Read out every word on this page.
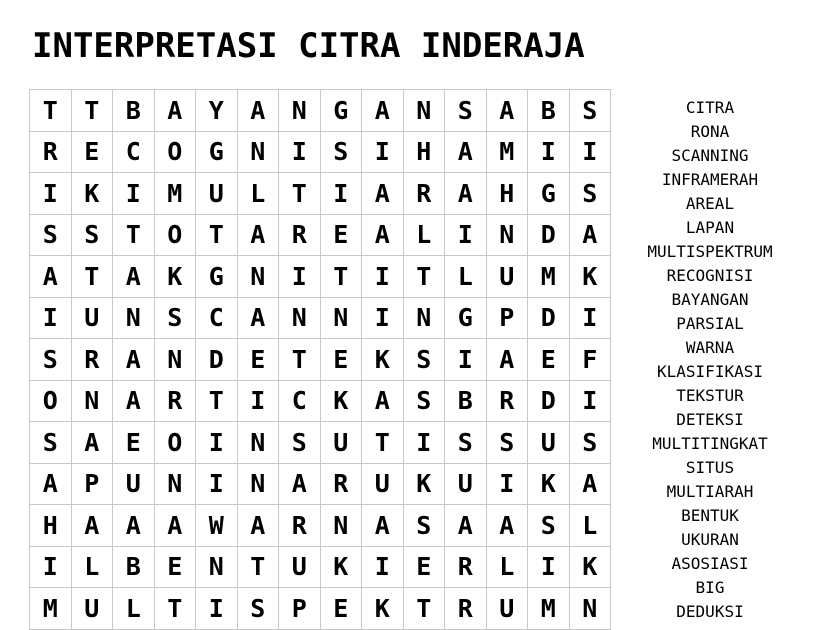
INTERPRETASI CITRA INDERAJA
T	T	B	A	Y	A	N	G	A	N	S	A	B	S
R	E	C	O	G	N	I	S	I	H	A	M	I	I
I	K	I	M	U	L	T	I	A	R	A	H	G	S
S	S	T	O	T	A	R	E	A	L	I	N	D	A
A	T	A	K	G	N	I	T	I	T	L	U	M	K
I	U	N	S	C	A	N	N	I	N	G	P	D	I
S	R	A	N	D	E	T	E	K	S	I	A	E	F
O	N	A	R	T	I	C	K	A	S	B	R	D	I
S	A	E	O	I	N	S	U	T	I	S	S	U	S
A	P	U	N	I	N	A	R	U	K	U	I	K	A
H	A	A	A	W	A	R	N	A	S	A	A	S	L
I	L	B	E	N	T	U	K	I	E	R	L	I	K
M	U	L	T	I	S	P	E	K	T	R	U	M	N
CITRA
RONA
SCANNING
INFRAMERAH
AREAL
LAPAN
MULTISPEKTRUM
RECOGNISI
BAYANGAN
PARSIAL
WARNA
KLASIFIKASI
TEKSTUR
DETEKSI
MULTITINGKAT
SITUS
MULTIARAH
BENTUK
UKURAN
ASOSIASI
BIG
DEDUKSI
